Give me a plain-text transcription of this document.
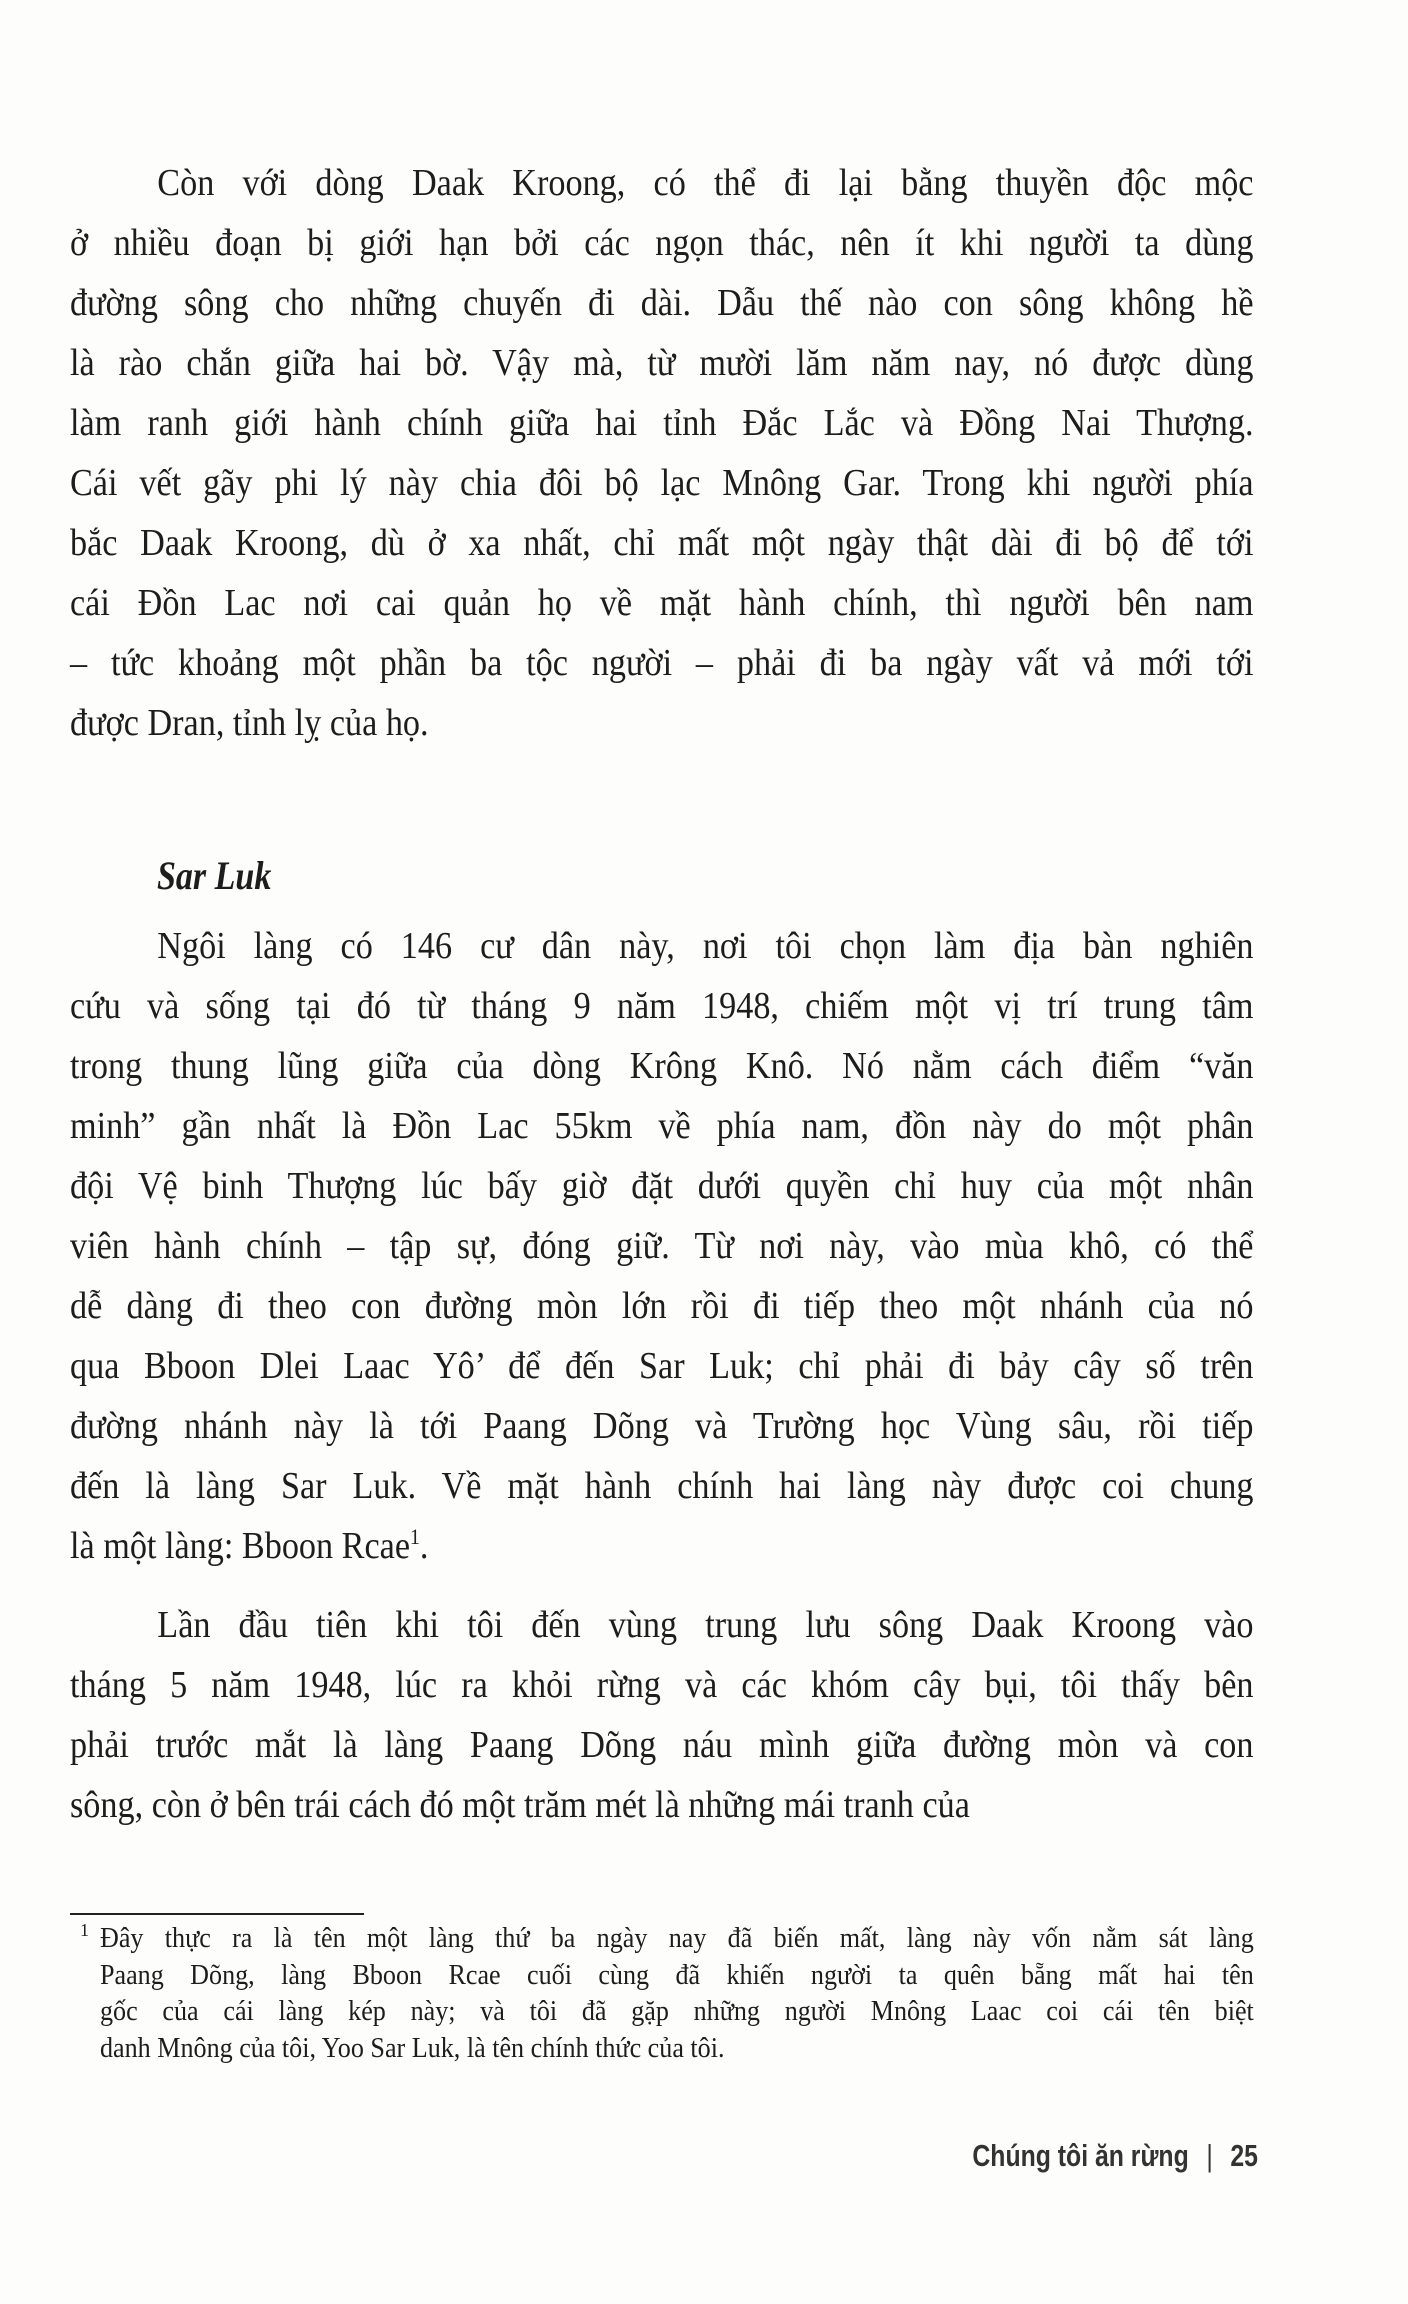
Còn với dòng Daak Kroong, có thể đi lại bằng thuyền độc mộc
ở nhiều đoạn bị giới hạn bởi các ngọn thác, nên ít khi người ta dùng
đường sông cho những chuyến đi dài. Dẫu thế nào con sông không hề
là rào chắn giữa hai bờ. Vậy mà, từ mười lăm năm nay, nó được dùng
làm ranh giới hành chính giữa hai tỉnh Đắc Lắc và Đồng Nai Thượng.
Cái vết gãy phi lý này chia đôi bộ lạc Mnông Gar. Trong khi người phía
bắc Daak Kroong, dù ở xa nhất, chỉ mất một ngày thật dài đi bộ để tới
cái Đồn Lac nơi cai quản họ về mặt hành chính, thì người bên nam
– tức khoảng một phần ba tộc người – phải đi ba ngày vất vả mới tới
được Dran, tỉnh lỵ của họ.
Sar Luk
Ngôi làng có 146 cư dân này, nơi tôi chọn làm địa bàn nghiên
cứu và sống tại đó từ tháng 9 năm 1948, chiếm một vị trí trung tâm
trong thung lũng giữa của dòng Krông Knô. Nó nằm cách điểm “văn
minh” gần nhất là Đồn Lac 55km về phía nam, đồn này do một phân
đội Vệ binh Thượng lúc bấy giờ đặt dưới quyền chỉ huy của một nhân
viên hành chính – tập sự, đóng giữ. Từ nơi này, vào mùa khô, có thể
dễ dàng đi theo con đường mòn lớn rồi đi tiếp theo một nhánh của nó
qua Bboon Dlei Laac Yô’ để đến Sar Luk; chỉ phải đi bảy cây số trên
đường nhánh này là tới Paang Dõng và Trường học Vùng sâu, rồi tiếp
đến là làng Sar Luk. Về mặt hành chính hai làng này được coi chung
là một làng: Bboon Rcae$^1$.
Lần đầu tiên khi tôi đến vùng trung lưu sông Daak Kroong vào
tháng 5 năm 1948, lúc ra khỏi rừng và các khóm cây bụi, tôi thấy bên
phải trước mắt là làng Paang Dõng náu mình giữa đường mòn và con
sông, còn ở bên trái cách đó một trăm mét là những mái tranh của
1 Đây thực ra là tên một làng thứ ba ngày nay đã biến mất, làng này vốn nằm sát làng
Paang Dõng, làng Bboon Rcae cuối cùng đã khiến người ta quên bẵng mất hai tên
gốc của cái làng kép này; và tôi đã gặp những người Mnông Laac coi cái tên biệt
danh Mnông của tôi, Yoo Sar Luk, là tên chính thức của tôi.
Chúng tôi ăn rừng | 25
